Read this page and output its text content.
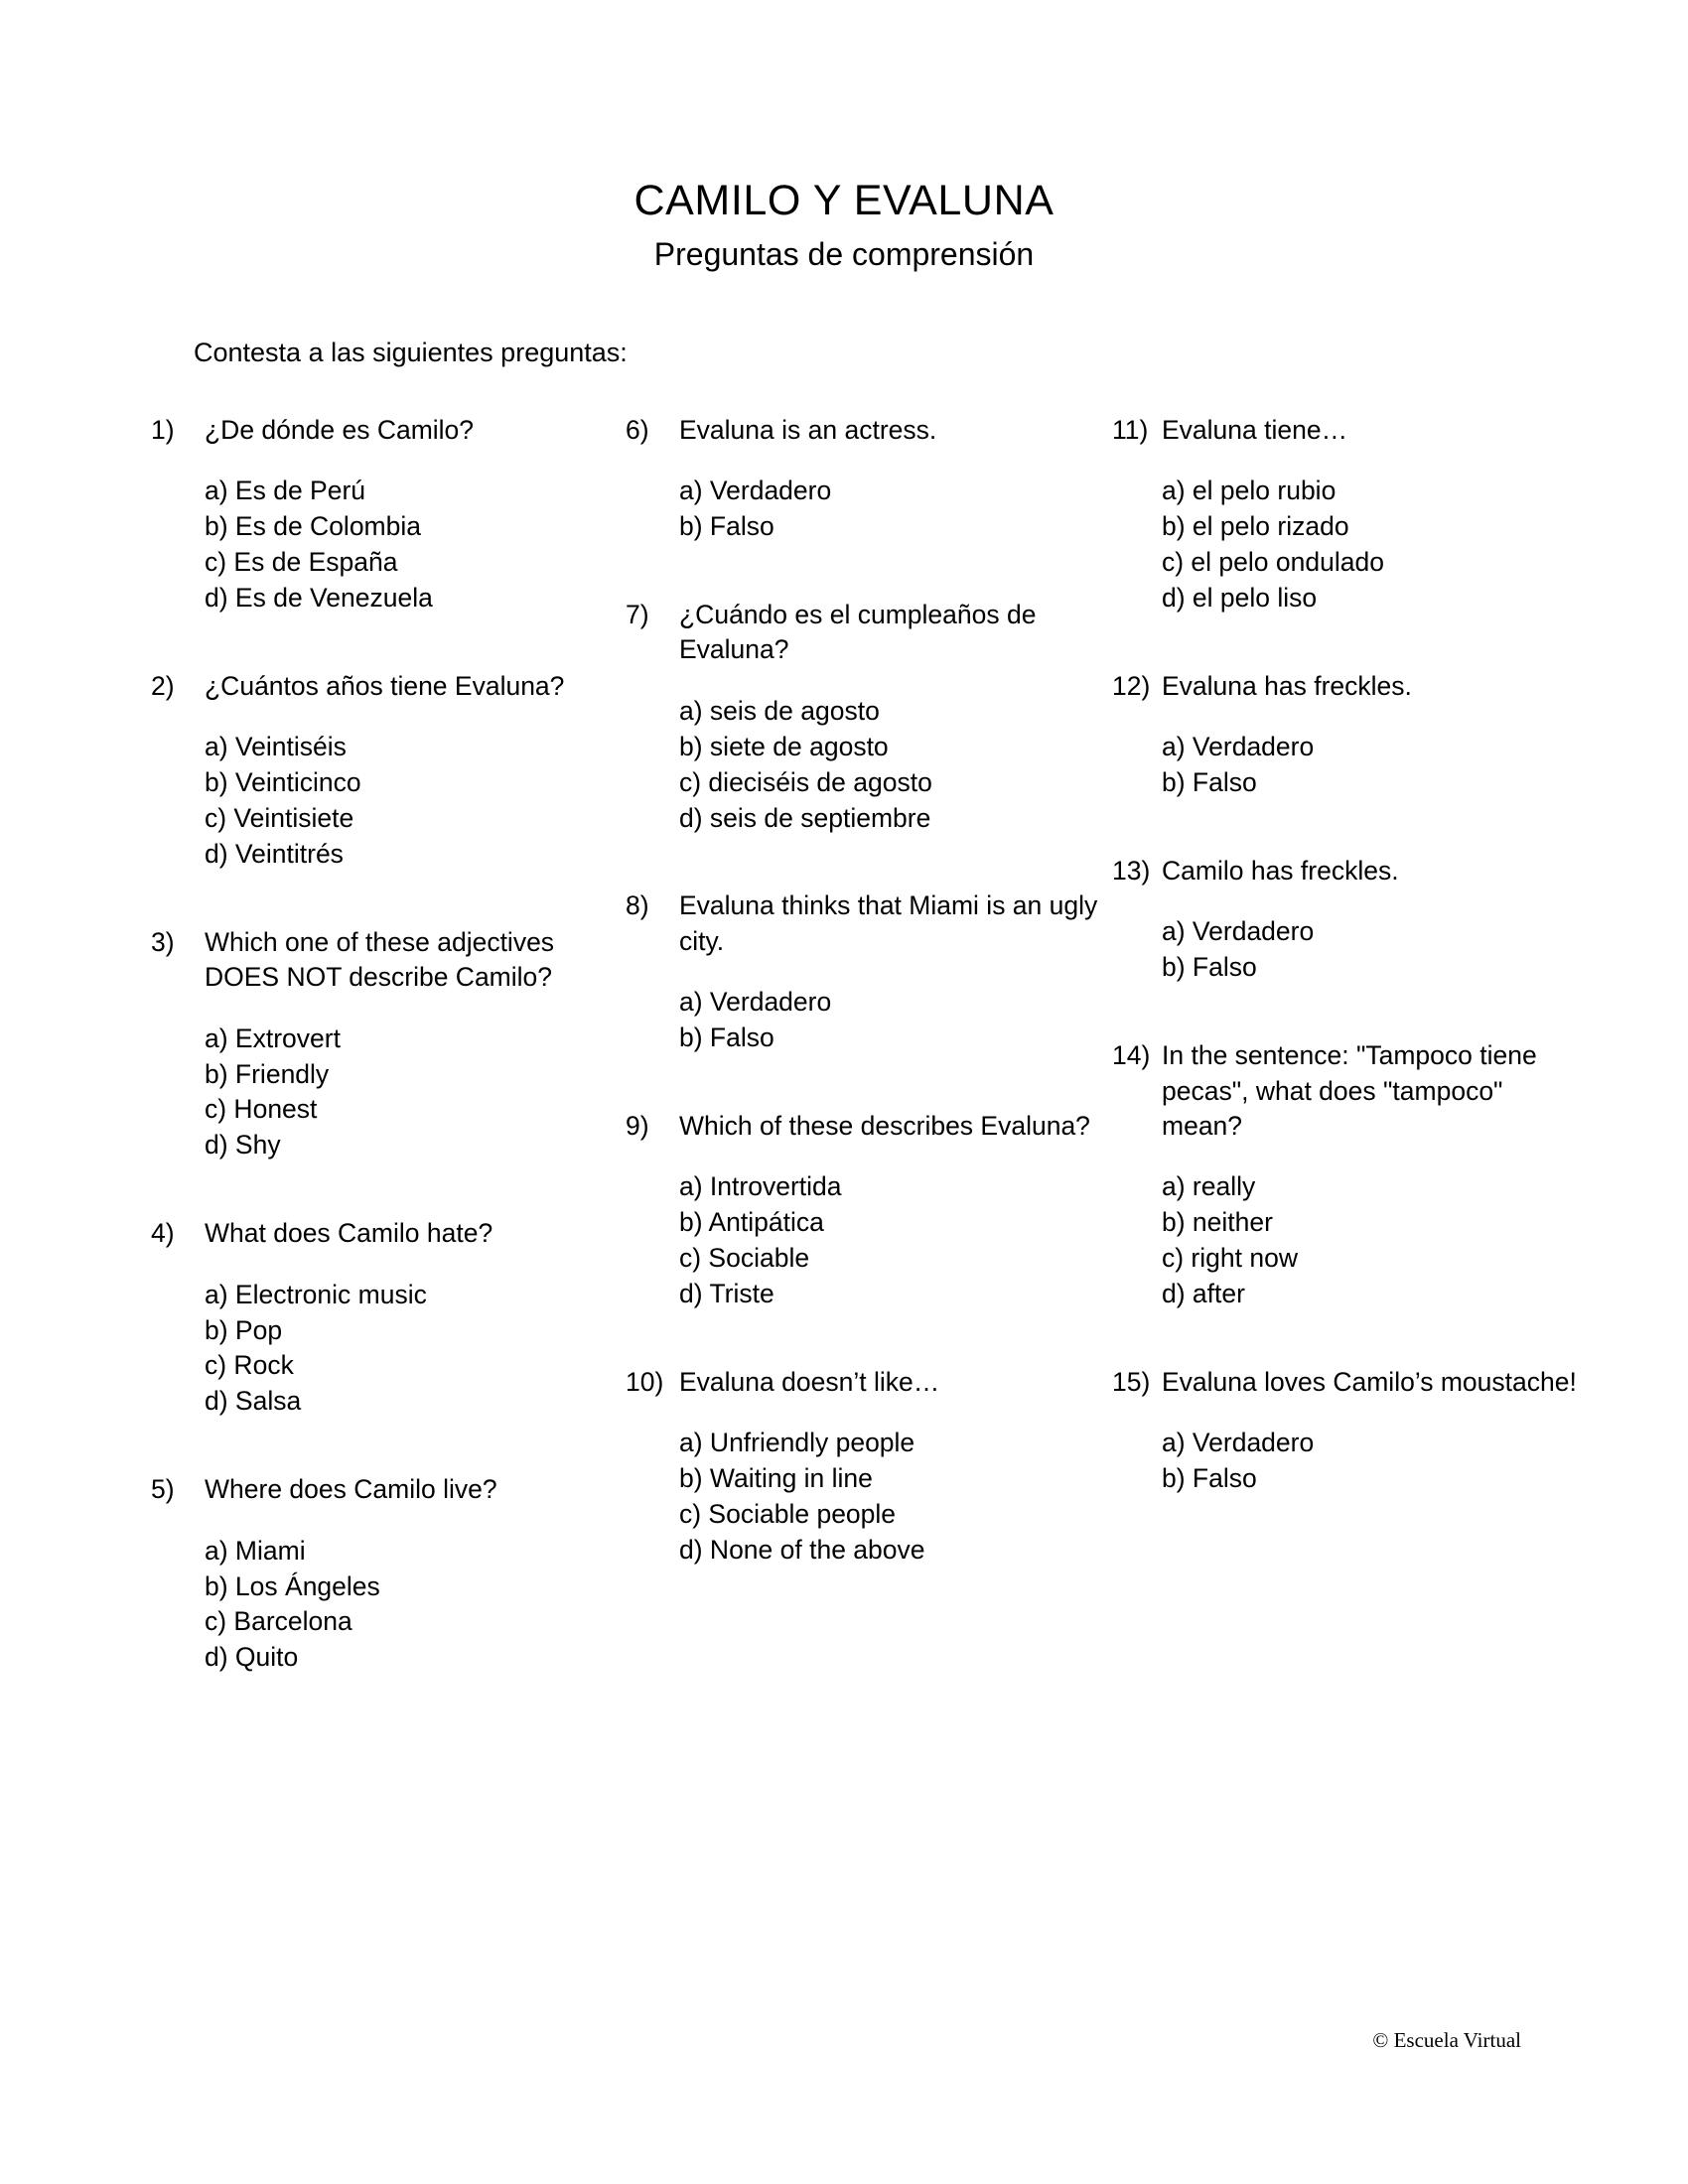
CAMILO Y EVALUNA
Preguntas de comprensión
Contesta a las siguientes preguntas:
1)	¿De dónde es Camilo?
a) Es de Perú
b) Es de Colombia
c) Es de España
d) Es de Venezuela
2)	¿Cuántos años tiene Evaluna?
a) Veintiséis
b) Veinticinco
c) Veintisiete
d) Veintitrés
3)	Which one of these adjectives DOES NOT describe Camilo?
a) Extrovert
b) Friendly
c) Honest
d) Shy
4)	What does Camilo hate?
a) Electronic music
b) Pop
c) Rock
d) Salsa
5)	Where does Camilo live?
a) Miami
b) Los Ángeles
c) Barcelona
d) Quito
6)	Evaluna is an actress.
a) Verdadero
b) Falso
7)	¿Cuándo es el cumpleaños de Evaluna?
a) seis de agosto
b) siete de agosto
c) dieciséis de agosto
d) seis de septiembre
8)	Evaluna thinks that Miami is an ugly city.
a) Verdadero
b) Falso
9)	Which of these describes Evaluna?
a) Introvertida
b) Antipática
c) Sociable
d) Triste
10) Evaluna doesn’t like…
a) Unfriendly people
b) Waiting in line
c) Sociable people
d) None of the above
11) Evaluna tiene…
a) el pelo rubio
b) el pelo rizado
c) el pelo ondulado
d) el pelo liso
12) Evaluna has freckles.
a) Verdadero
b) Falso
13) Camilo has freckles.
a) Verdadero
b) Falso
14) In the sentence: "Tampoco tiene pecas", what does "tampoco" mean?
a) really
b) neither
c) right now
d) after
15) Evaluna loves Camilo’s moustache!
a) Verdadero
b) Falso
© Escuela Virtual
